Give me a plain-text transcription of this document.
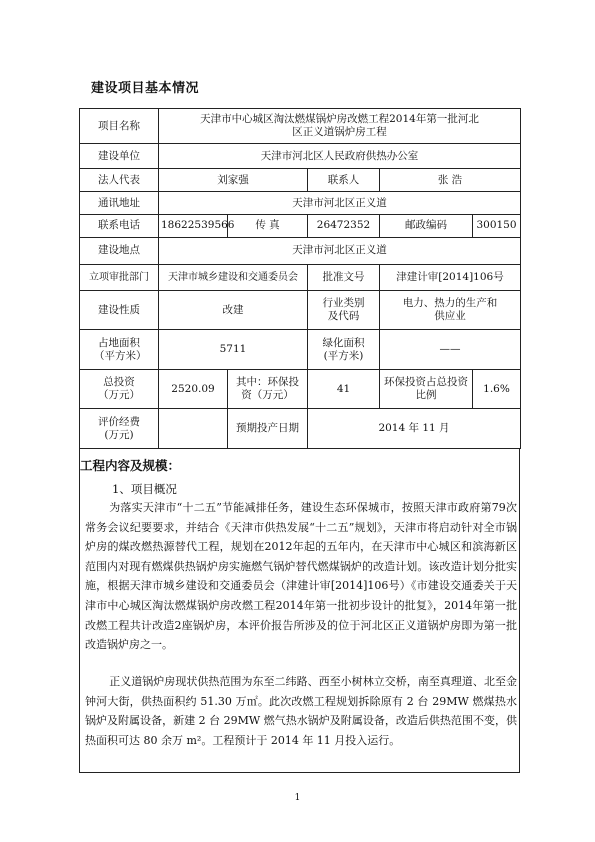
建设项目基本情况
项目名称	天津市中心城区淘汰燃煤锅炉房改燃工程2014年第一批河北区正义道锅炉房工程				
建设单位	天津市河北区人民政府供热办公室				
法人代表	刘家强		联系人	张 浩	
通讯地址	天津市河北区正义道				
联系电话	18622539566	传 真	26472352	邮政编码	300150
建设地点	天津市河北区正义道				
立项审批部门	天津市城乡建设和交通委员会		批准文号	津建计审[2014]106号	
建设性质	改建		行业类别及代码	电力、热力的生产和供应业	
占地面积（平方米）	5711		绿化面积(平方米)	——	
总投资（万元）	2520.09	其中：环保投资（万元）	41	环保投资占总投资比例	1.6%
评价经费(万元)		预期投产日期	2014 年 11 月		
工程内容及规模：
1、项目概况

为落实天津市“十二五”节能减排任务，建设生态环保城市，按照天津市政府第79次常务会议纪要要求，并结合《天津市供热发展“十二五”规划》，天津市将启动针对全市锅炉房的煤改燃热源替代工程，规划在2012年起的五年内，在天津市中心城区和滨海新区范围内对现有燃煤供热锅炉房实施燃气锅炉替代燃煤锅炉的改造计划。该改造计划分批实施，根据天津市城乡建设和交通委员会（津建计审[2014]106号）《市建设交通委关于天津市中心城区淘汰燃煤锅炉房改燃工程2014年第一批初步设计的批复》，2014年第一批改燃工程共计改造2座锅炉房，本评价报告所涉及的位于河北区正义道锅炉房即为第一批改造锅炉房之一。

正义道锅炉房现状供热范围为东至二纬路、西至小树林立交桥，南至真理道、北至金钟河大街，供热面积约 51.30 万㎡。此次改燃工程规划拆除原有 2 台 29MW 燃煤热水锅炉及附属设备，新建 2 台 29MW 燃气热水锅炉及附属设备，改造后供热范围不变，供热面积可达 80 余万 m²。工程预计于 2014 年 11 月投入运行。

1
